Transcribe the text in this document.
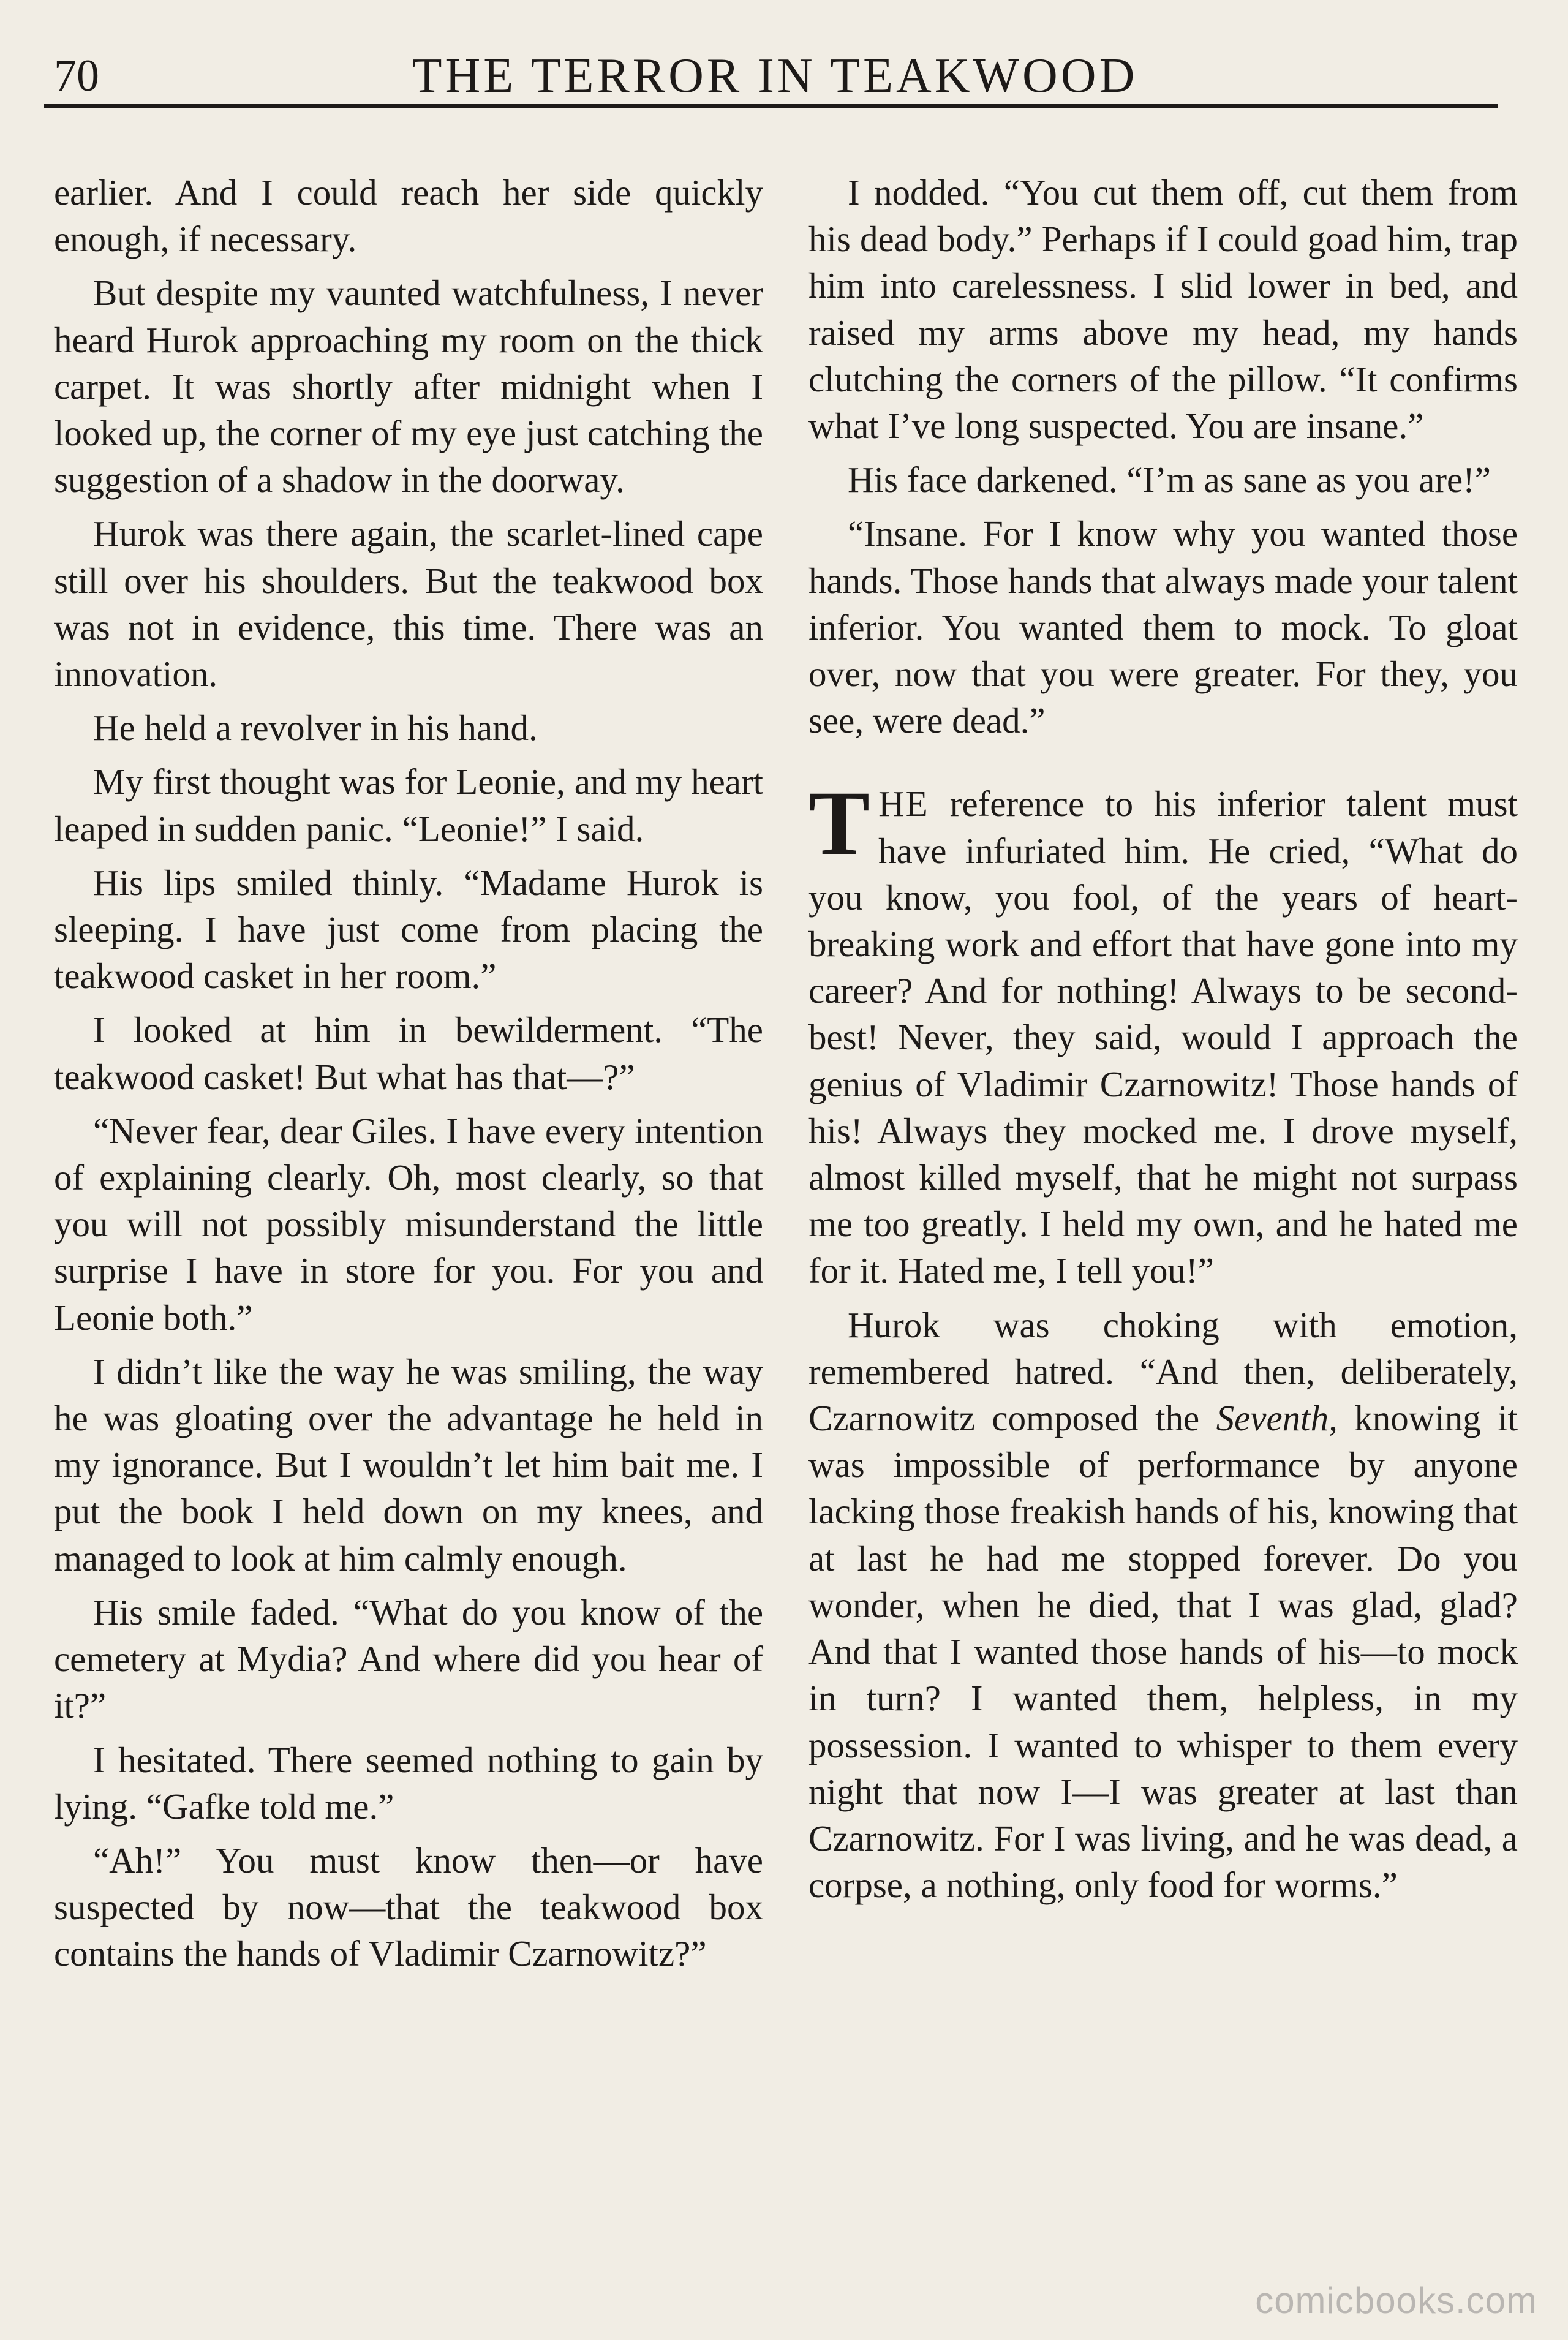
70	THE TERROR IN TEAKWOOD

earlier. And I could reach her side quickly enough, if necessary.

But despite my vaunted watchfulness, I never heard Hurok approaching my room on the thick carpet. It was shortly after midnight when I looked up, the corner of my eye just catching the suggestion of a shadow in the doorway.

Hurok was there again, the scarlet-lined cape still over his shoulders. But the teakwood box was not in evidence, this time. There was an innovation.

He held a revolver in his hand.

My first thought was for Leonie, and my heart leaped in sudden panic. “Leonie!” I said.

His lips smiled thinly. “Madame Hurok is sleeping. I have just come from placing the teakwood casket in her room.”

I looked at him in bewilderment. “The teakwood casket! But what has that—?”

“Never fear, dear Giles. I have every intention of explaining clearly. Oh, most clearly, so that you will not possibly misunderstand the little surprise I have in store for you. For you and Leonie both.”

I didn’t like the way he was smiling, the way he was gloating over the advantage he held in my ignorance. But I wouldn’t let him bait me. I put the book I held down on my knees, and managed to look at him calmly enough.

His smile faded. “What do you know of the cemetery at Mydia? And where did you hear of it?”

I hesitated. There seemed nothing to gain by lying. “Gafke told me.”

“Ah!” You must know then—or have suspected by now—that the teakwood box contains the hands of Vladimir Czarnowitz?”

I nodded. “You cut them off, cut them from his dead body.” Perhaps if I could goad him, trap him into carelessness. I slid lower in bed, and raised my arms above my head, my hands clutching the corners of the pillow. “It confirms what I’ve long suspected. You are insane.”

His face darkened. “I’m as sane as you are!”

“Insane. For I know why you wanted those hands. Those hands that always made your talent inferior. You wanted them to mock. To gloat over, now that you were greater. For they, you see, were dead.”

THE reference to his inferior talent must have infuriated him. He cried, “What do you know, you fool, of the years of heart-breaking work and effort that have gone into my career? And for nothing! Always to be second-best! Never, they said, would I approach the genius of Vladimir Czarnowitz! Those hands of his! Always they mocked me. I drove myself, almost killed myself, that he might not surpass me too greatly. I held my own, and he hated me for it. Hated me, I tell you!”

Hurok was choking with emotion, remembered hatred. “And then, deliberately, Czarnowitz composed the Seventh, knowing it was impossible of performance by anyone lacking those freakish hands of his, knowing that at last he had me stopped forever. Do you wonder, when he died, that I was glad, glad? And that I wanted those hands of his—to mock in turn? I wanted them, helpless, in my possession. I wanted to whisper to them every night that now I—I was greater at last than Czarnowitz. For I was living, and he was dead, a corpse, a nothing, only food for worms.”

comicbooks.com
